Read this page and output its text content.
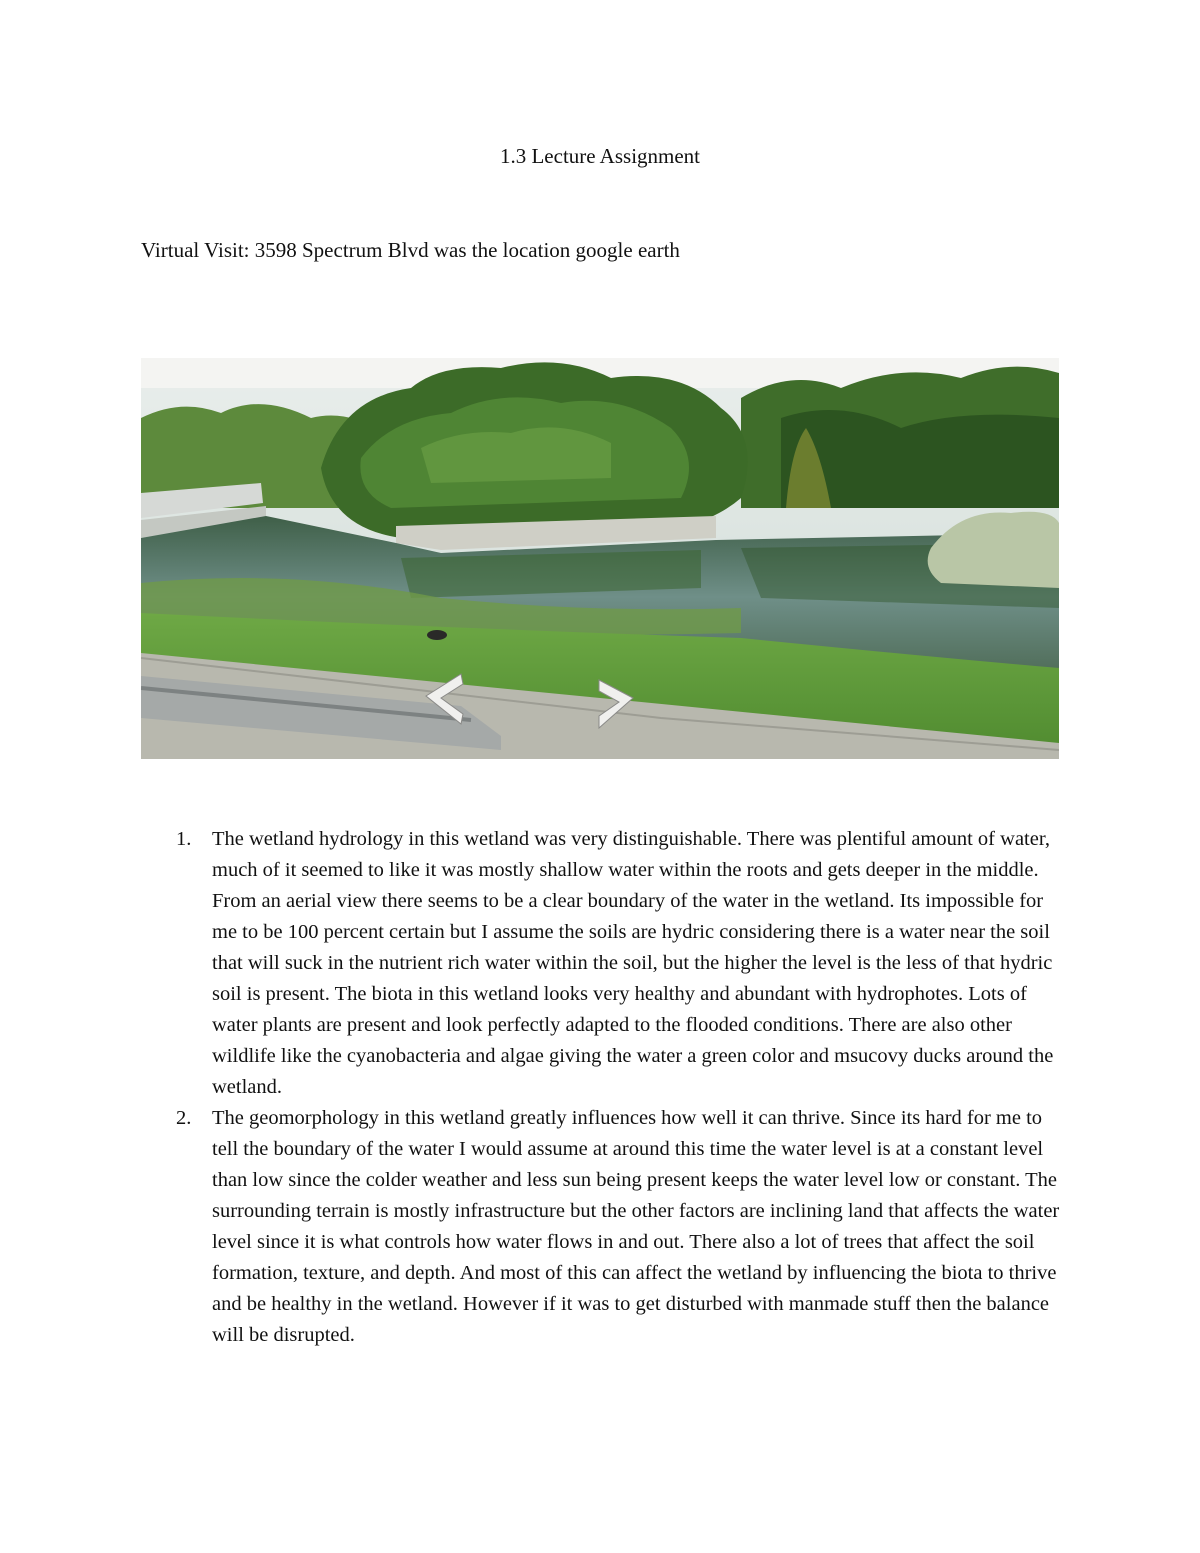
1.3 Lecture Assignment
Virtual Visit: 3598 Spectrum Blvd was the location google earth
1. The wetland hydrology in this wetland was very distinguishable. There was plentiful amount of water, much of it seemed to like it was mostly shallow water within the roots and gets deeper in the middle. From an aerial view there seems to be a clear boundary of the water in the wetland. Its impossible for me to be 100 percent certain but I assume the soils are hydric considering there is a water near the soil that will suck in the nutrient rich water within the soil, but the higher the level is the less of that hydric soil is present. The biota in this wetland looks very healthy and abundant with hydrophotes. Lots of water plants are present and look perfectly adapted to the flooded conditions. There are also other wildlife like the cyanobacteria and algae giving the water a green color and msucovy ducks around the wetland.
2. The geomorphology in this wetland greatly influences how well it can thrive. Since its hard for me to tell the boundary of the water I would assume at around this time the water level is at a constant level than low since the colder weather and less sun being present keeps the water level low or constant. The surrounding terrain is mostly infrastructure but the other factors are inclining land that affects the water level since it is what controls how water flows in and out. There also a lot of trees that affect the soil formation, texture, and depth. And most of this can affect the wetland by influencing the biota to thrive and be healthy in the wetland. However if it was to get disturbed with manmade stuff then the balance will be disrupted.
